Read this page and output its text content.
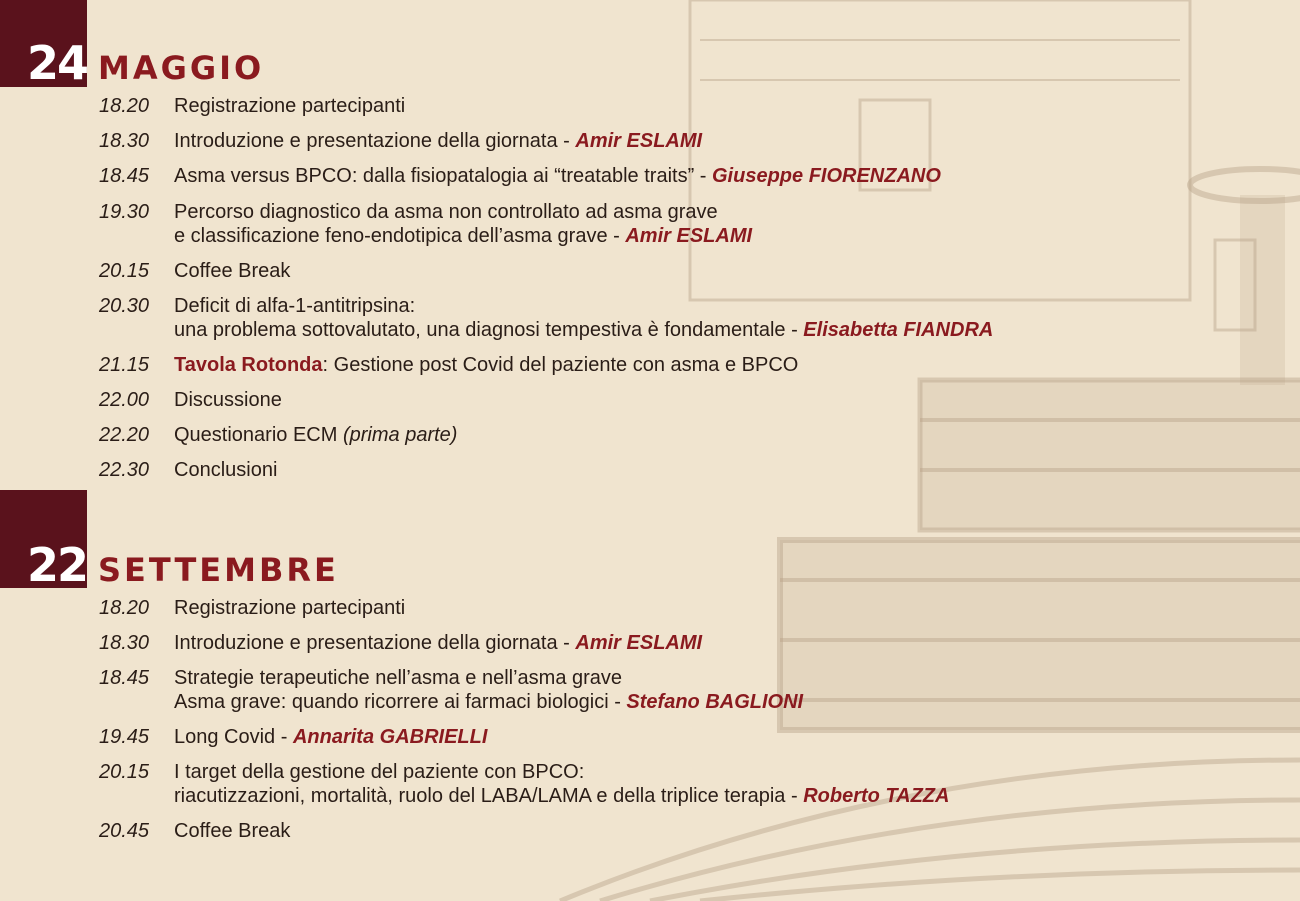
24 MAGGIO
18.20	Registrazione partecipanti
18.30	Introduzione e presentazione della giornata - Amir ESLAMI
18.45	Asma versus BPCO: dalla fisiopatalogia ai “treatable traits” - Giuseppe FIORENZANO
19.30	Percorso diagnostico da asma non controllato ad asma grave
e classificazione feno-endotipica dell’asma grave - Amir ESLAMI
20.15	Coffee Break
20.30	Deficit di alfa-1-antitripsina:
una problema sottovalutato, una diagnosi tempestiva è fondamentale - Elisabetta FIANDRA
21.15	Tavola Rotonda: Gestione post Covid del paziente con asma e BPCO
22.00	Discussione
22.20	Questionario ECM (prima parte)
22.30	Conclusioni
22 SETTEMBRE
18.20	Registrazione partecipanti
18.30	Introduzione e presentazione della giornata - Amir ESLAMI
18.45	Strategie terapeutiche nell’asma e nell’asma grave
Asma grave: quando ricorrere ai farmaci biologici - Stefano BAGLIONI
19.45	Long Covid - Annarita GABRIELLI
20.15	I target della gestione del paziente con BPCO:
riacutizzazioni, mortalità, ruolo del LABA/LAMA e della triplice terapia - Roberto TAZZA
20.45	Coffee Break
